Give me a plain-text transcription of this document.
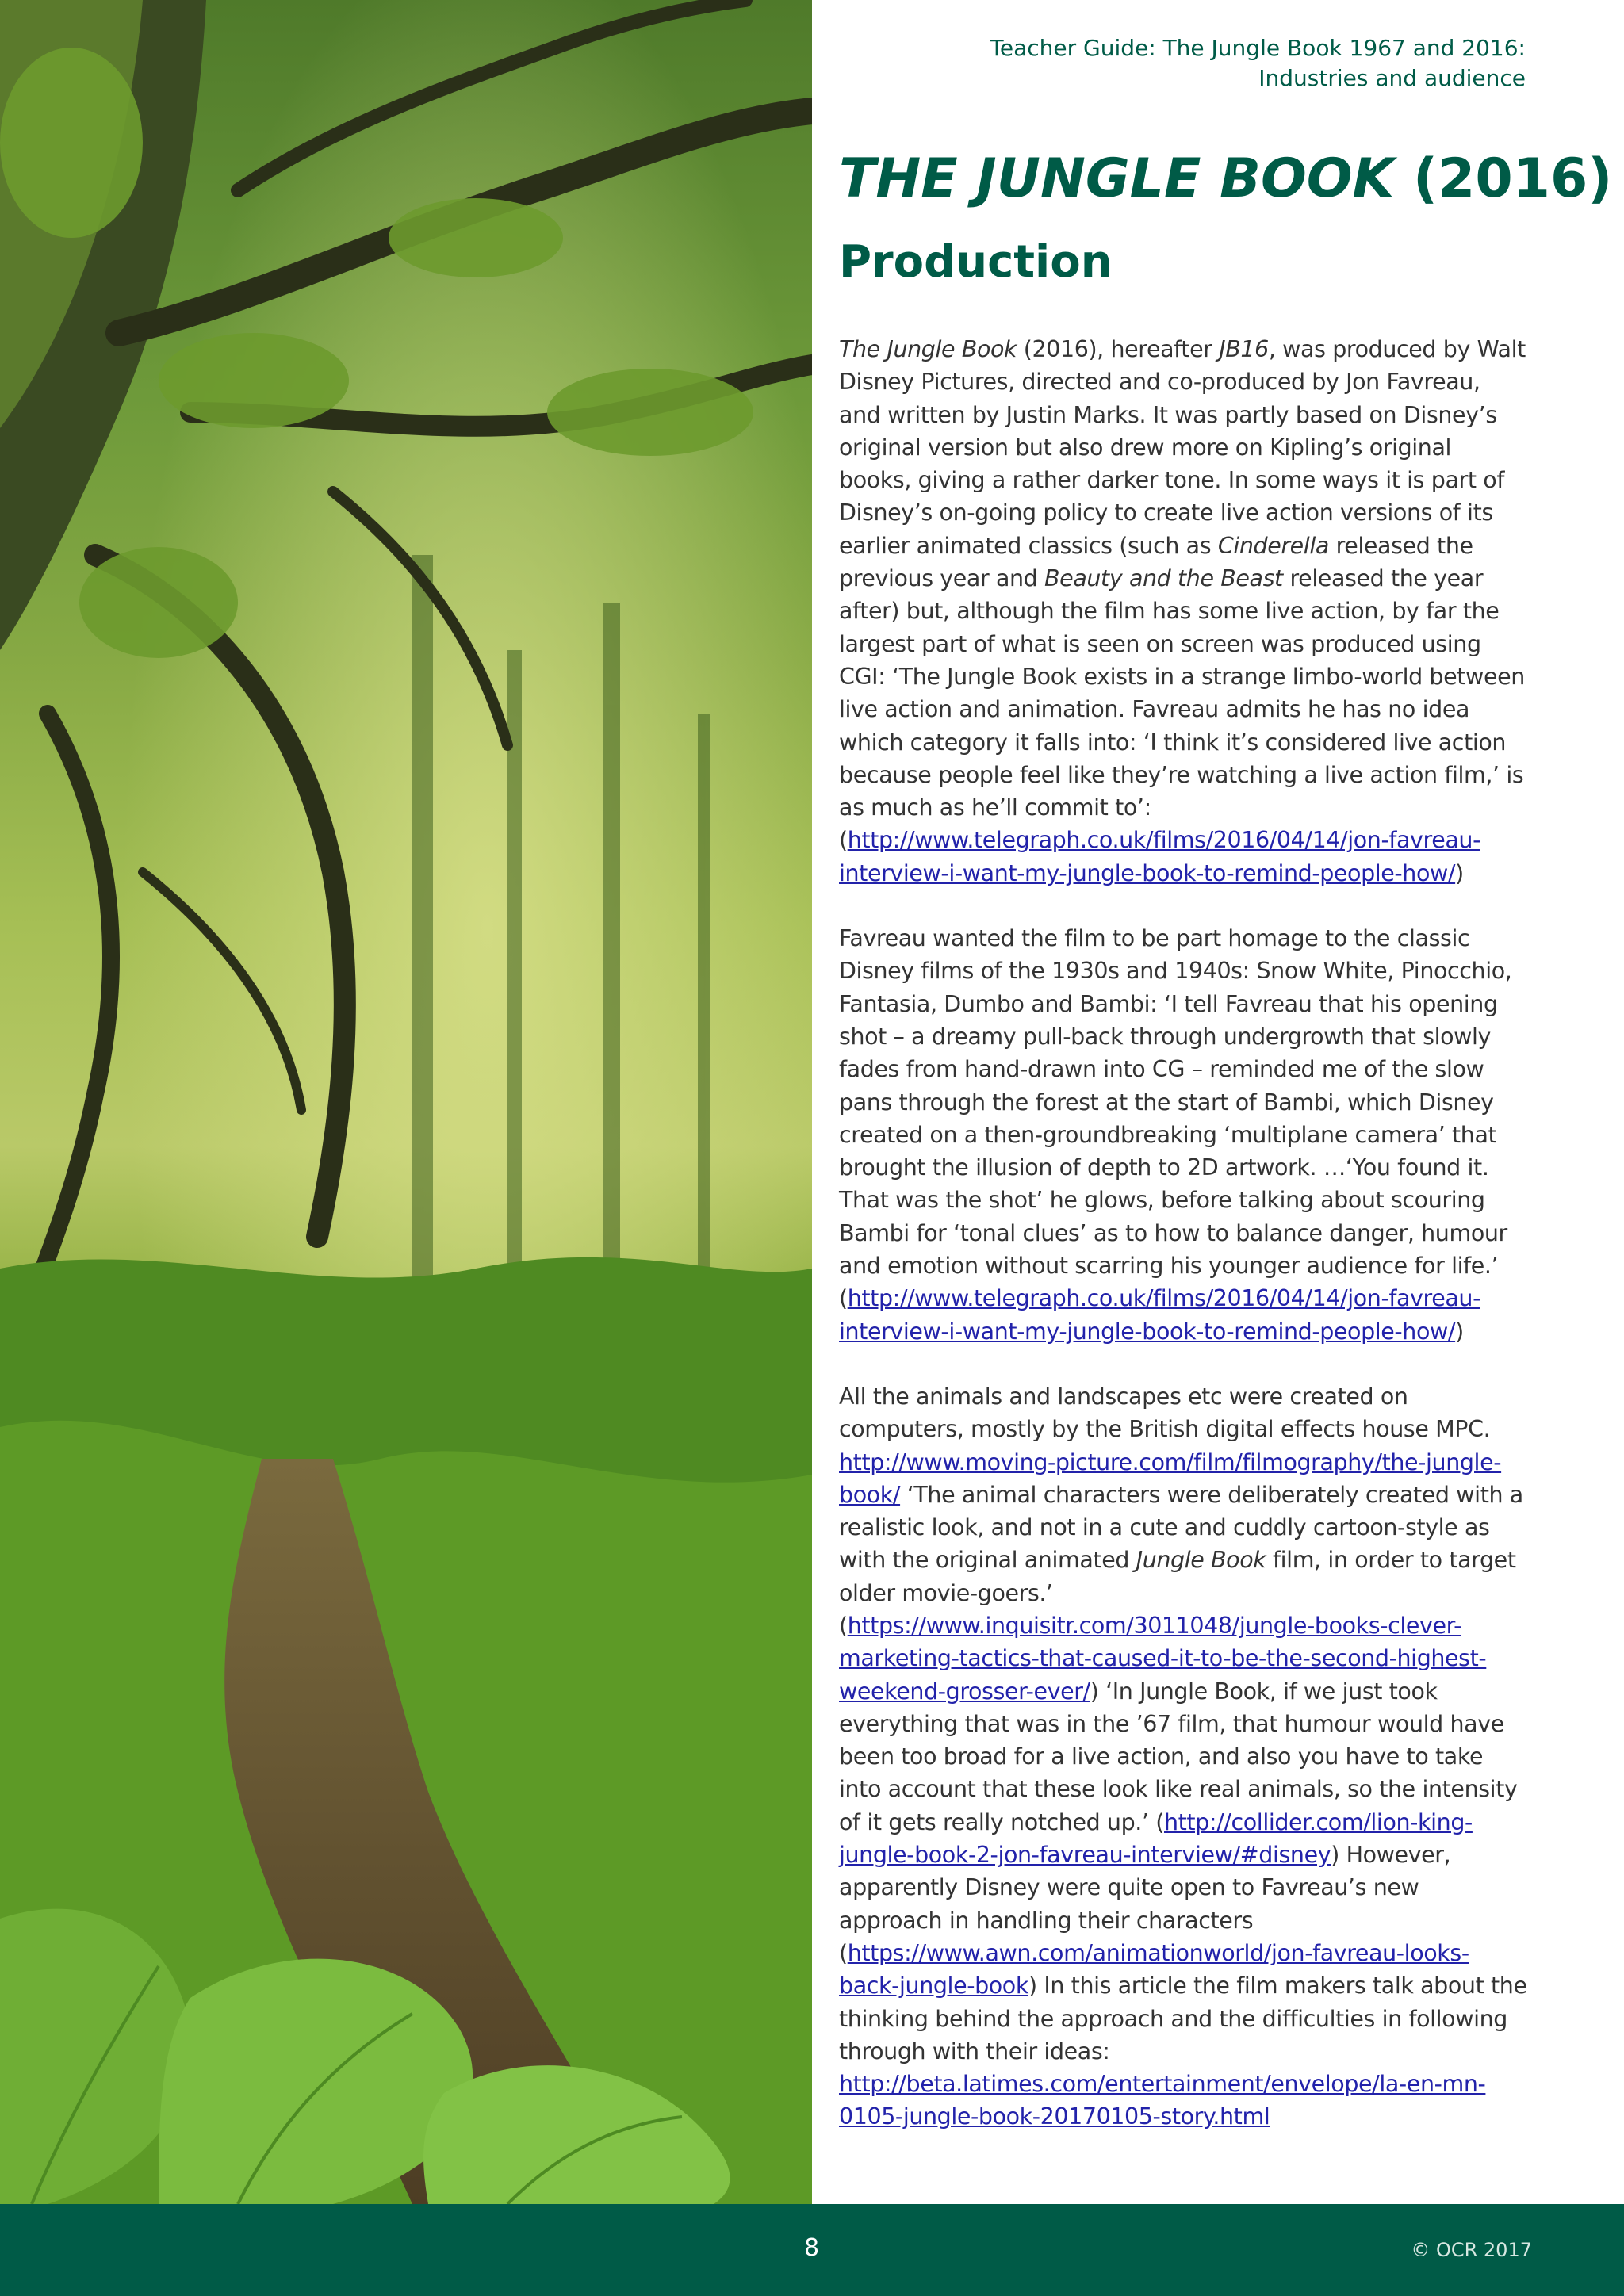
Teacher Guide: The Jungle Book 1967 and 2016:
Industries and audience
THE JUNGLE BOOK (2016)
Production

The Jungle Book (2016), hereafter JB16, was produced by Walt Disney Pictures, directed and co-produced by Jon Favreau, and written by Justin Marks. It was partly based on Disney’s original version but also drew more on Kipling’s original books, giving a rather darker tone. In some ways it is part of Disney’s on-going policy to create live action versions of its earlier animated classics (such as Cinderella released the previous year and Beauty and the Beast released the year after) but, although the film has some live action, by far the largest part of what is seen on screen was produced using CGI: ‘The Jungle Book exists in a strange limbo-world between live action and animation. Favreau admits he has no idea which category it falls into: ‘I think it’s considered live action because people feel like they’re watching a live action film,’ is as much as he’ll commit to’: (http://www.telegraph.co.uk/films/2016/04/14/jon-favreau-interview-i-want-my-jungle-book-to-remind-people-how/)

Favreau wanted the film to be part homage to the classic Disney films of the 1930s and 1940s: Snow White, Pinocchio, Fantasia, Dumbo and Bambi: ‘I tell Favreau that his opening shot – a dreamy pull-back through undergrowth that slowly fades from hand-drawn into CG – reminded me of the slow pans through the forest at the start of Bambi, which Disney created on a then-groundbreaking ‘multiplane camera’ that brought the illusion of depth to 2D artwork. …‘You found it. That was the shot’ he glows, before talking about scouring Bambi for ‘tonal clues’ as to how to balance danger, humour and emotion without scarring his younger audience for life.’ (http://www.telegraph.co.uk/films/2016/04/14/jon-favreau-interview-i-want-my-jungle-book-to-remind-people-how/)

All the animals and landscapes etc were created on computers, mostly by the British digital effects house MPC. http://www.moving-picture.com/film/filmography/the-jungle-book/ ‘The animal characters were deliberately created with a realistic look, and not in a cute and cuddly cartoon-style as with the original animated Jungle Book film, in order to target older movie-goers.’ (https://www.inquisitr.com/3011048/jungle-books-clever-marketing-tactics-that-caused-it-to-be-the-second-highest-weekend-grosser-ever/) ‘In Jungle Book, if we just took everything that was in the ’67 film, that humour would have been too broad for a live action, and also you have to take into account that these look like real animals, so the intensity of it gets really notched up.’ (http://collider.com/lion-king-jungle-book-2-jon-favreau-interview/#disney) However, apparently Disney were quite open to Favreau’s new approach in handling their characters (https://www.awn.com/animationworld/jon-favreau-looks-back-jungle-book) In this article the film makers talk about the thinking behind the approach and the difficulties in following through with their ideas: http://beta.latimes.com/entertainment/envelope/la-en-mn-0105-jungle-book-20170105-story.html

8	© OCR 2017
